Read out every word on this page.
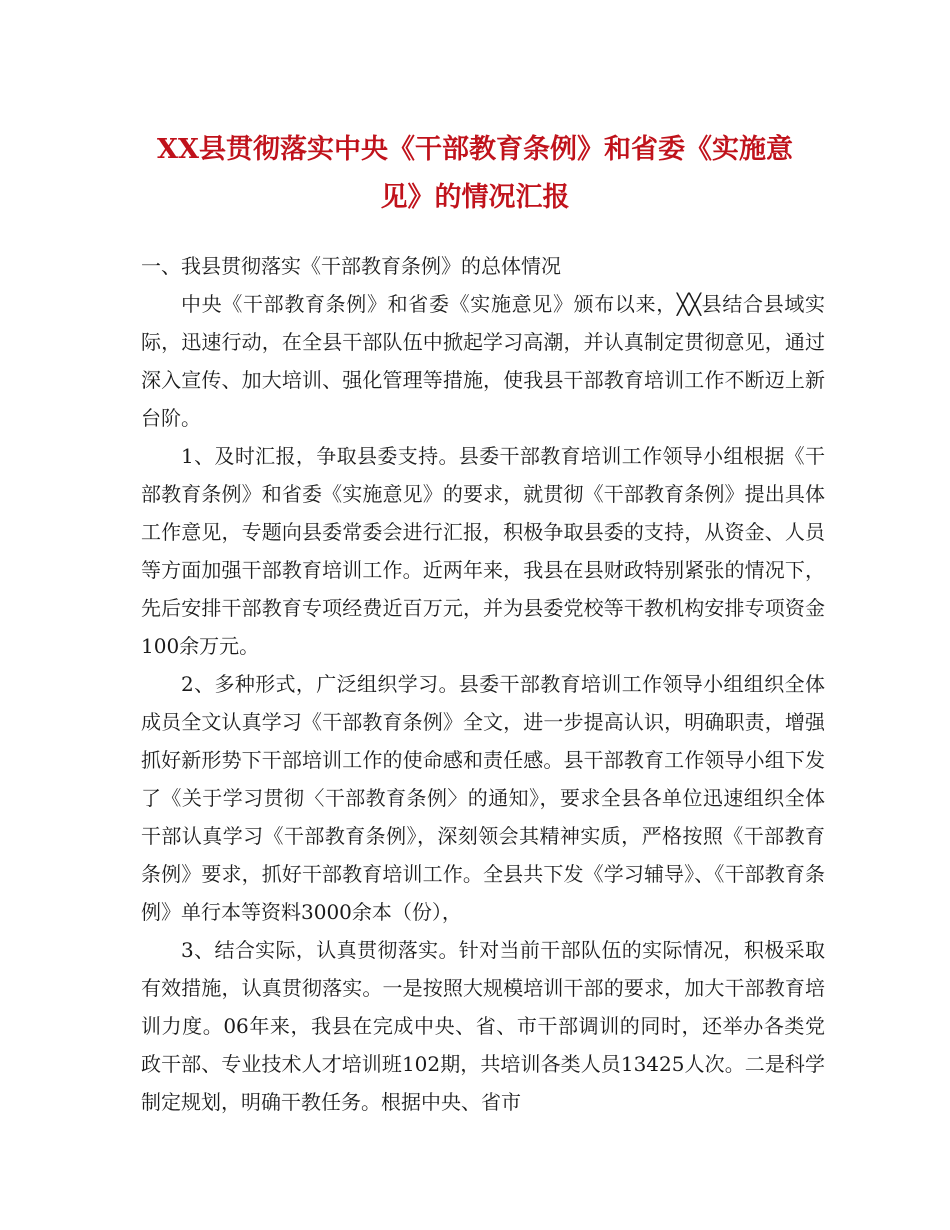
XX县贯彻落实中央《干部教育条例》和省委《实施意
见》的情况汇报

一、我县贯彻落实《干部教育条例》的总体情况

中央《干部教育条例》和省委《实施意见》颁布以来，╳╳县结合县域实际，迅速行动，在全县干部队伍中掀起学习高潮，并认真制定贯彻意见，通过深入宣传、加大培训、强化管理等措施，使我县干部教育培训工作不断迈上新台阶。

1、及时汇报，争取县委支持。县委干部教育培训工作领导小组根据《干部教育条例》和省委《实施意见》的要求，就贯彻《干部教育条例》提出具体工作意见，专题向县委常委会进行汇报，积极争取县委的支持，从资金、人员等方面加强干部教育培训工作。近两年来，我县在县财政特别紧张的情况下，先后安排干部教育专项经费近百万元，并为县委党校等干教机构安排专项资金100余万元。

2、多种形式，广泛组织学习。县委干部教育培训工作领导小组组织全体成员全文认真学习《干部教育条例》全文，进一步提高认识，明确职责，增强抓好新形势下干部培训工作的使命感和责任感。县干部教育工作领导小组下发了《关于学习贯彻〈干部教育条例〉的通知》，要求全县各单位迅速组织全体干部认真学习《干部教育条例》，深刻领会其精神实质，严格按照《干部教育条例》要求，抓好干部教育培训工作。全县共下发《学习辅导》、《干部教育条例》单行本等资料3000余本（份），

3、结合实际，认真贯彻落实。针对当前干部队伍的实际情况，积极采取有效措施，认真贯彻落实。一是按照大规模培训干部的要求，加大干部教育培训力度。06年来，我县在完成中央、省、市干部调训的同时，还举办各类党政干部、专业技术人才培训班102期，共培训各类人员13425人次。二是科学制定规划，明确干教任务。根据中央、省市
